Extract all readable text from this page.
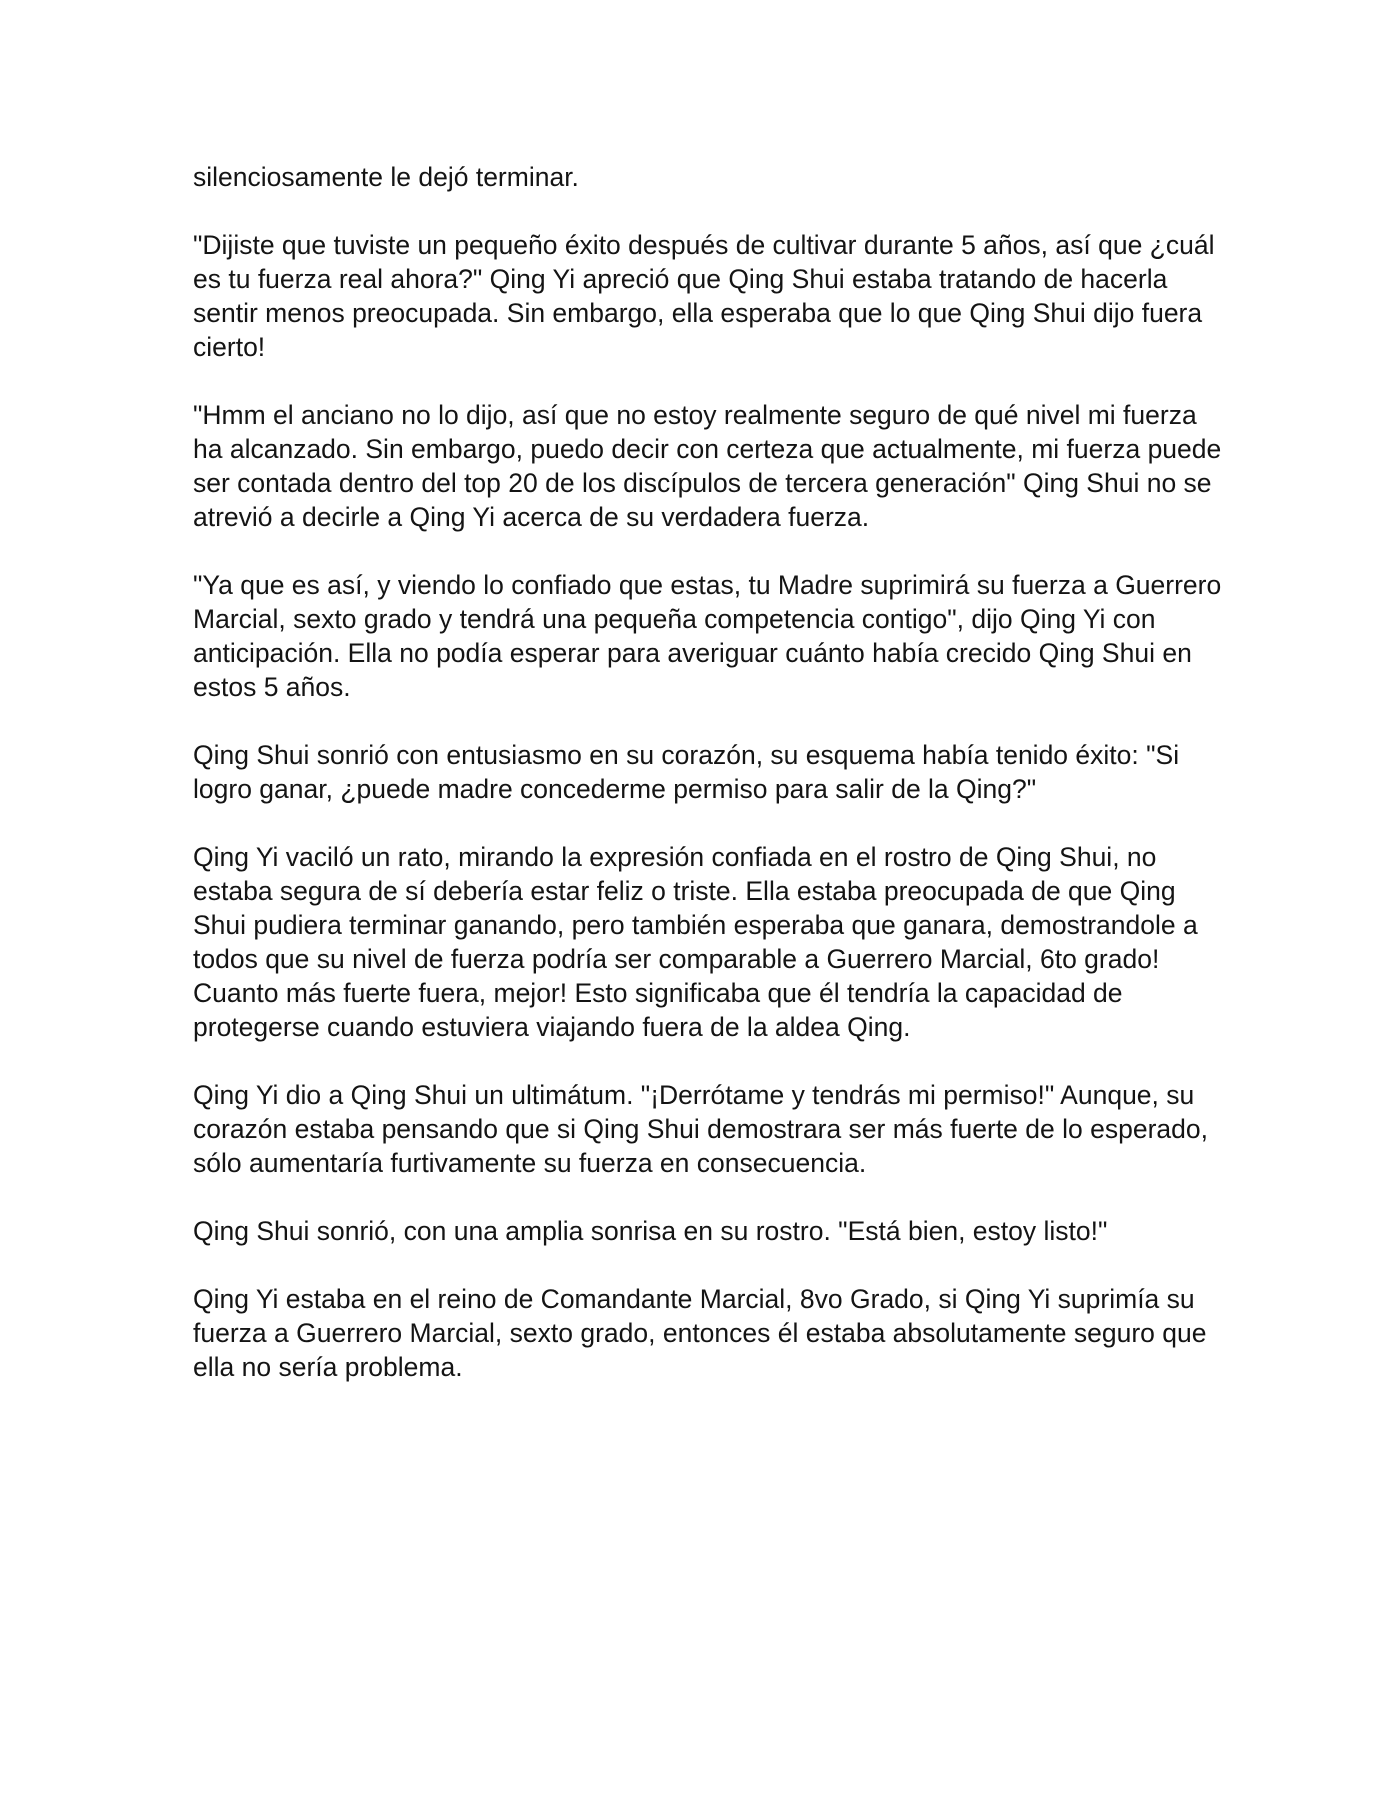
silenciosamente le dejó terminar.

"Dijiste que tuviste un pequeño éxito después de cultivar durante 5 años, así que ¿cuál es tu fuerza real ahora?" Qing Yi apreció que Qing Shui estaba tratando de hacerla sentir menos preocupada. Sin embargo, ella esperaba que lo que Qing Shui dijo fuera cierto!

"Hmm el anciano no lo dijo, así que no estoy realmente seguro de qué nivel mi fuerza ha alcanzado. Sin embargo, puedo decir con certeza que actualmente, mi fuerza puede ser contada dentro del top 20 de los discípulos de tercera generación" Qing Shui no se atrevió a decirle a Qing Yi acerca de su verdadera fuerza.

"Ya que es así, y viendo lo confiado que estas, tu Madre suprimirá su fuerza a Guerrero Marcial, sexto grado y tendrá una pequeña competencia contigo", dijo Qing Yi con anticipación. Ella no podía esperar para averiguar cuánto había crecido Qing Shui en estos 5 años.

Qing Shui sonrió con entusiasmo en su corazón, su esquema había tenido éxito: "Si logro ganar, ¿puede madre concederme permiso para salir de la Qing?"

Qing Yi vaciló un rato, mirando la expresión confiada en el rostro de Qing Shui, no estaba segura de sí debería estar feliz o triste. Ella estaba preocupada de que Qing Shui pudiera terminar ganando, pero también esperaba que ganara, demostrandole a todos que su nivel de fuerza podría ser comparable a Guerrero Marcial, 6to grado! Cuanto más fuerte fuera, mejor! Esto significaba que él tendría la capacidad de protegerse cuando estuviera viajando fuera de la aldea Qing.

Qing Yi dio a Qing Shui un ultimátum. "¡Derrótame y tendrás mi permiso!" Aunque, su corazón estaba pensando que si Qing Shui demostrara ser más fuerte de lo esperado, sólo aumentaría furtivamente su fuerza en consecuencia.

Qing Shui sonrió, con una amplia sonrisa en su rostro. "Está bien, estoy listo!"

Qing Yi estaba en el reino de Comandante Marcial, 8vo Grado, si Qing Yi suprimía su fuerza a Guerrero Marcial, sexto grado, entonces él estaba absolutamente seguro que ella no sería problema.
